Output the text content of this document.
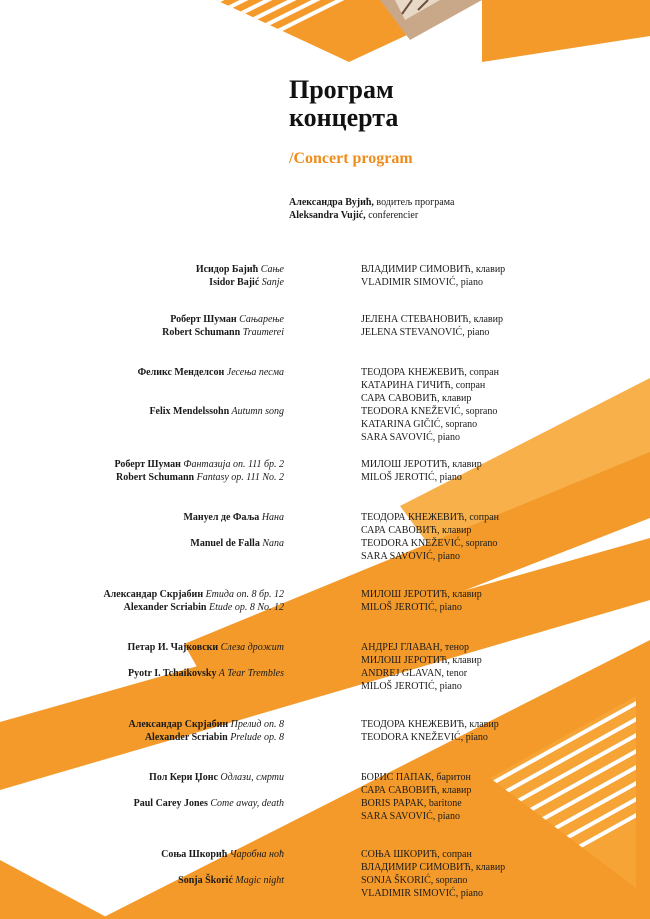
Програм
концерта
/Concert program
Александра Вујић, водитељ програма
Aleksandra Vujić, conferencier
Исидор Бајић Сање
Isidor Bajić Sanje
ВЛАДИМИР СИМОВИЋ, клавир
VLADIMIR SIMOVIĆ, piano
Роберт Шуман Сањарење
Robert Schumann Traumerei
ЈЕЛЕНА СТЕВАНОВИЋ, клавир
JELENA STEVANOVIĆ, piano
Феликс Менделсон Јесења песма
Felix Mendelssohn Autumn song
ТЕОДОРА КНЕЖЕВИЋ, сопран
КАТАРИНА ГИЧИЋ, сопран
САРА САВОВИЋ, клавир
TEODORA KNEŽEVIĆ, soprano
KATARINA GIČIĆ, soprano
SARA SAVOVIĆ, piano
Роберт Шуман Фантазија оп. 111 бр. 2
Robert Schumann Fantasy op. 111 No. 2
МИЛОШ ЈЕРОТИЋ, клавир
MILOŠ JEROTIĆ, piano
Мануел де Фаља Нана
Manuel de Falla Nana
ТЕОДОРА КНЕЖЕВИЋ, сопран
САРА САВОВИЋ, клавир
TEODORA KNEŽEVIĆ, soprano
SARA SAVOVIĆ, piano
Александар Скрјабин Етида оп. 8 бр. 12
Alexander Scriabin Etude op. 8 No. 12
МИЛОШ ЈЕРОТИЋ, клавир
MILOŠ JEROTIĆ, piano
Петар И. Чајковски Слеза дрожит
Pyotr I. Tchaikovsky A Tear Trembles
АНДРЕЈ ГЛАВАН, тенор
МИЛОШ ЈЕРОТИЋ, клавир
ANDREJ GLAVAN, tenor
MILOŠ JEROTIĆ, piano
Александар Скрјабин Прелид оп. 8
Alexander Scriabin Prelude op. 8
ТЕОДОРА КНЕЖЕВИЋ, клавир
TEODORA KNEŽEVIĆ, piano
Пол Кери Џонс Одлази, смрти
Paul Carey Jones Come away, death
БОРИС ПАПАК, баритон
САРА САВОВИЋ, клавир
BORIS PAPAK, baritone
SARA SAVOVIĆ, piano
Соња Шкорић Чаробна ноћ
Sonja Škorić Magic night
СОЊА ШКОРИЋ, сопран
ВЛАДИМИР СИМОВИЋ, клавир
SONJA ŠKORIĆ, soprano
VLADIMIR SIMOVIĆ, piano
